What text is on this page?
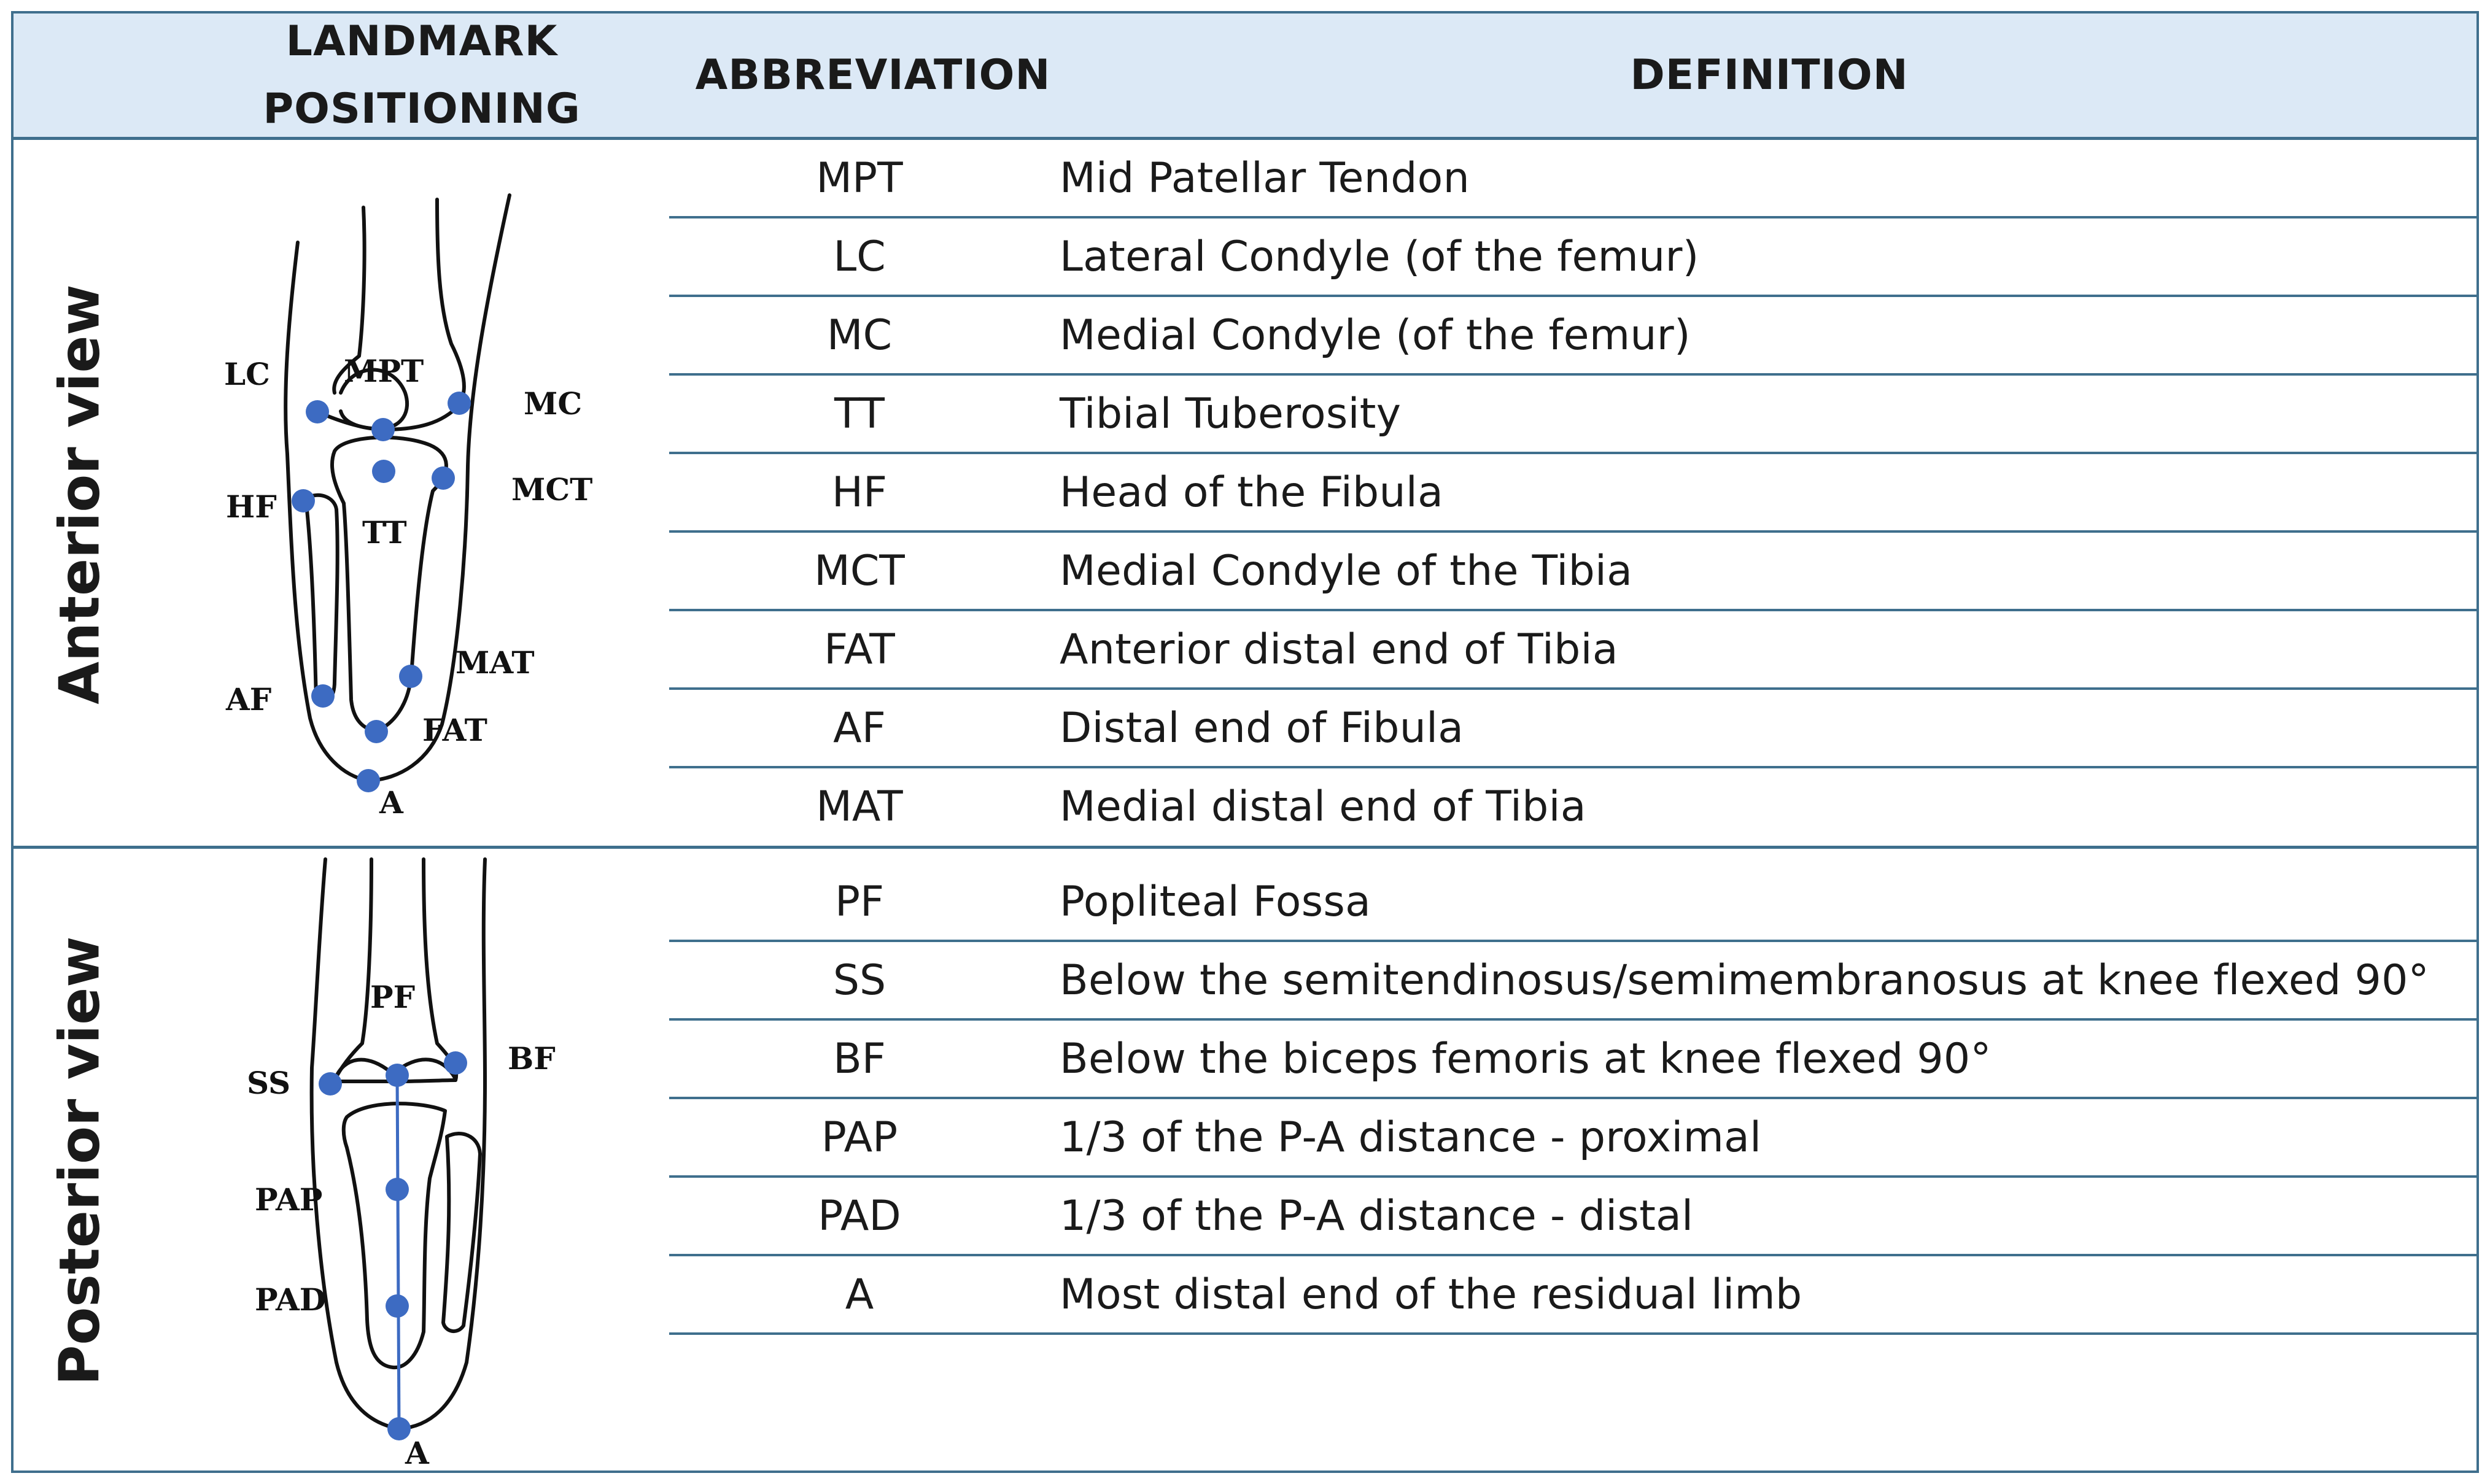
LANDMARK
POSITIONING
ABBREVIATION	DEFINITION
Anterior view
Posterior view
LC MPT
MC
HF	MCT
TT
MAT
AF
FAT
A
PF
BF
SS
PAP
PAD
A
MPT	Mid Patellar Tendon
LC	Lateral Condyle (of the femur)
MC	Medial Condyle (of the femur)
TT	Tibial Tuberosity
HF	Head of the Fibula
MCT	Medial Condyle of the Tibia
FAT	Anterior distal end of Tibia
AF	Distal end of Fibula
MAT	Medial distal end of Tibia
PF	Popliteal Fossa
SS	Below the semitendinosus/semimembranosus at knee flexed 90°
BF	Below the biceps femoris at knee flexed 90°
PAP	1/3 of the P-A distance - proximal
PAD	1/3 of the P-A distance - distal
A	Most distal end of the residual limb
